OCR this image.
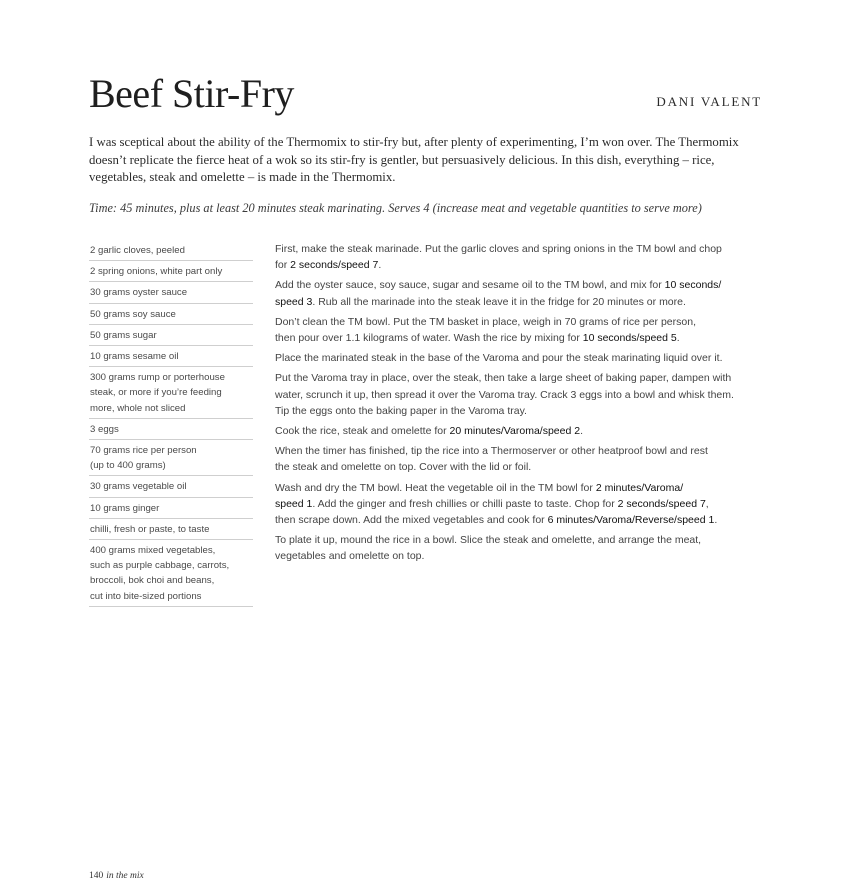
Beef Stir-Fry	DANI VALENT

I was sceptical about the ability of the Thermomix to stir-fry but, after plenty of experimenting, I’m won over. The Thermomix doesn’t replicate the fierce heat of a wok so its stir-fry is gentler, but persuasively delicious. In this dish, everything – rice, vegetables, steak and omelette – is made in the Thermomix.

Time: 45 minutes, plus at least 20 minutes steak marinating. Serves 4 (increase meat and vegetable quantities to serve more)

2 garlic cloves, peeled
2 spring onions, white part only
30 grams oyster sauce
50 grams soy sauce
50 grams sugar
10 grams sesame oil
300 grams rump or porterhouse
steak, or more if you’re feeding
more, whole not sliced
3 eggs
70 grams rice per person
(up to 400 grams)
30 grams vegetable oil
10 grams ginger
chilli, fresh or paste, to taste
400 grams mixed vegetables,
such as purple cabbage, carrots,
broccoli, bok choi and beans,
cut into bite-sized portions

First, make the steak marinade. Put the garlic cloves and spring onions in the TM bowl and chop
for 2 seconds/speed 7.

Add the oyster sauce, soy sauce, sugar and sesame oil to the TM bowl, and mix for 10 seconds/
speed 3. Rub all the marinade into the steak leave it in the fridge for 20 minutes or more.

Don’t clean the TM bowl. Put the TM basket in place, weigh in 70 grams of rice per person,
then pour over 1.1 kilograms of water. Wash the rice by mixing for 10 seconds/speed 5.

Place the marinated steak in the base of the Varoma and pour the steak marinating liquid over it.

Put the Varoma tray in place, over the steak, then take a large sheet of baking paper, dampen with
water, scrunch it up, then spread it over the Varoma tray. Crack 3 eggs into a bowl and whisk them.
Tip the eggs onto the baking paper in the Varoma tray.

Cook the rice, steak and omelette for 20 minutes/Varoma/speed 2.

When the timer has finished, tip the rice into a Thermoserver or other heatproof bowl and rest
the steak and omelette on top. Cover with the lid or foil.

Wash and dry the TM bowl. Heat the vegetable oil in the TM bowl for 2 minutes/Varoma/
speed 1. Add the ginger and fresh chillies or chilli paste to taste. Chop for 2 seconds/speed 7,
then scrape down. Add the mixed vegetables and cook for 6 minutes/Varoma/Reverse/speed 1.

To plate it up, mound the rice in a bowl. Slice the steak and omelette, and arrange the meat,
vegetables and omelette on top.

140 in the mix
